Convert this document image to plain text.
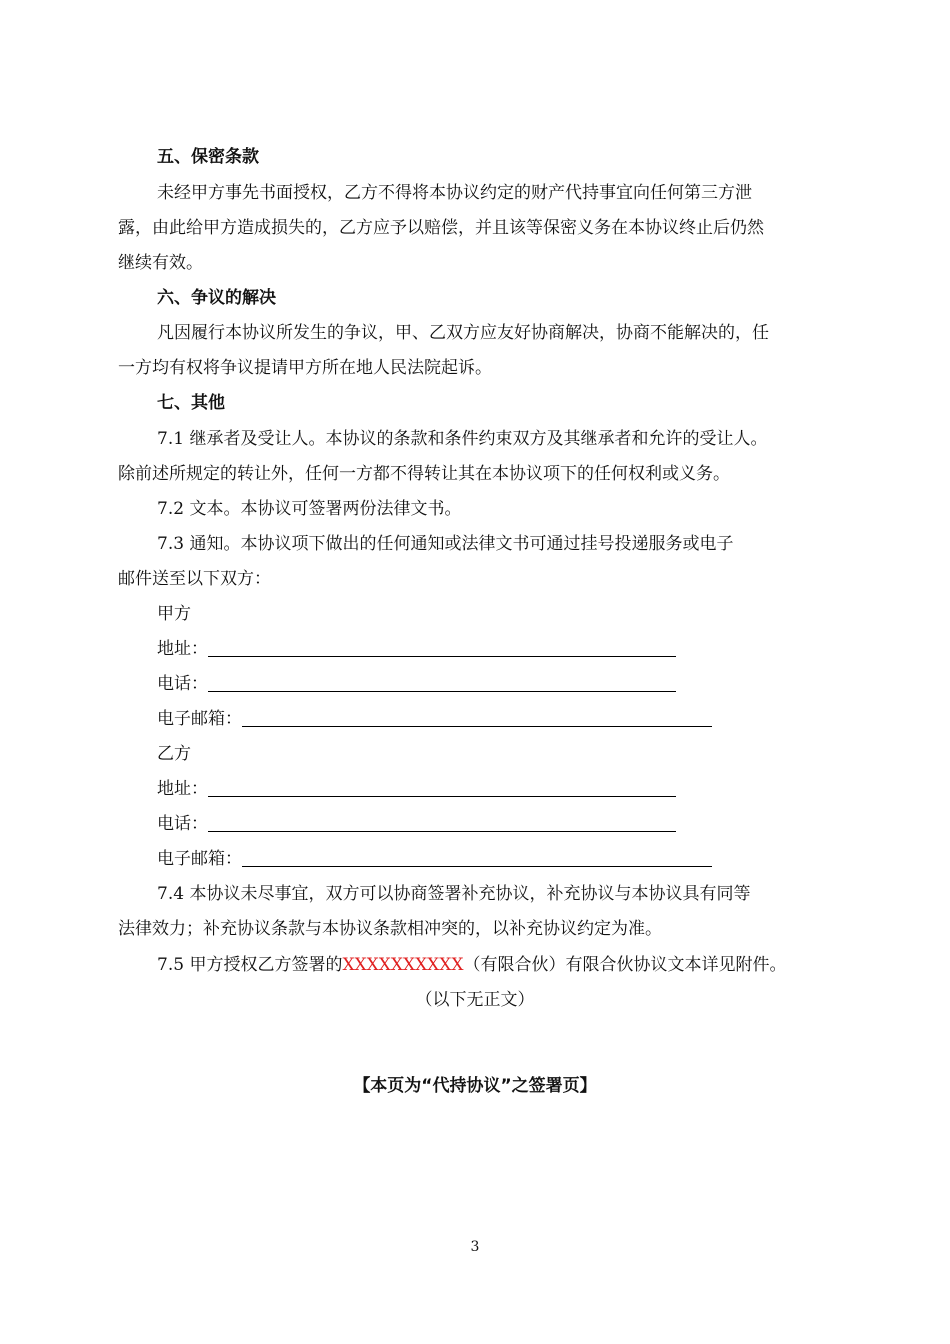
五、保密条款
未经甲方事先书面授权，乙方不得将本协议约定的财产代持事宜向任何第三方泄
露，由此给甲方造成损失的，乙方应予以赔偿，并且该等保密义务在本协议终止后仍然
继续有效。
六、争议的解决
凡因履行本协议所发生的争议，甲、乙双方应友好协商解决，协商不能解决的，任
一方均有权将争议提请甲方所在地人民法院起诉。
七、其他
7.1 继承者及受让人。本协议的条款和条件约束双方及其继承者和允许的受让人。
除前述所规定的转让外，任何一方都不得转让其在本协议项下的任何权利或义务。
7.2 文本。本协议可签署两份法律文书。
7.3 通知。本协议项下做出的任何通知或法律文书可通过挂号投递服务或电子
邮件送至以下双方：
甲方
地址：
电话：
电子邮箱：
乙方
地址：
电话：
电子邮箱：
7.4 本协议未尽事宜，双方可以协商签署补充协议，补充协议与本协议具有同等
法律效力；补充协议条款与本协议条款相冲突的，以补充协议约定为准。
7.5 甲方授权乙方签署的XXXXXXXXXX（有限合伙）有限合伙协议文本详见附件。
（以下无正文）
【本页为“代持协议”之签署页】
3
